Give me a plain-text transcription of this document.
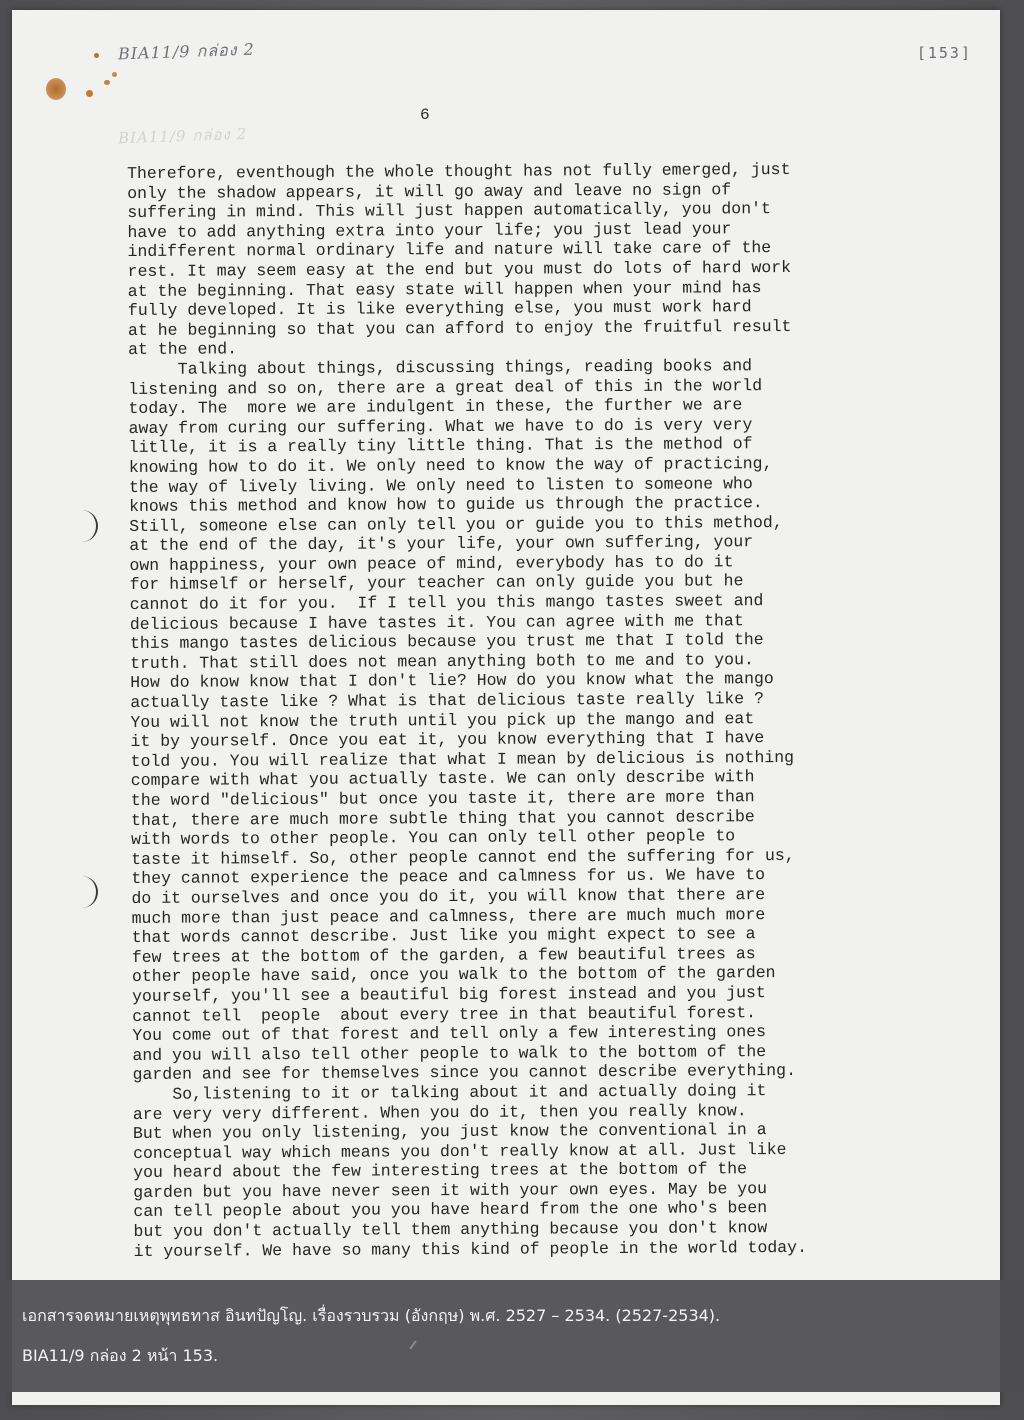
BIA11/9 กล่อง 2
BIA11/9 กล่อง 2
[153]
6
Therefore, eventhough the whole thought has not fully emerged, just
only the shadow appears, it will go away and leave no sign of
suffering in mind. This will just happen automatically, you don't
have to add anything extra into your life; you just lead your
indifferent normal ordinary life and nature will take care of the
rest. It may seem easy at the end but you must do lots of hard work
at the beginning. That easy state will happen when your mind has
fully developed. It is like everything else, you must work hard
at he beginning so that you can afford to enjoy the fruitful result
at the end.
Talking about things, discussing things, reading books and
listening and so on, there are a great deal of this in the world
today. The  more we are indulgent in these, the further we are
away from curing our suffering. What we have to do is very very
litlle, it is a really tiny little thing. That is the method of
knowing how to do it. We only need to know the way of practicing,
the way of lively living. We only need to listen to someone who
knows this method and know how to guide us through the practice.
Still, someone else can only tell you or guide you to this method,
at the end of the day, it's your life, your own suffering, your
own happiness, your own peace of mind, everybody has to do it
for himself or herself, your teacher can only guide you but he
cannot do it for you.  If I tell you this mango tastes sweet and
delicious because I have tastes it. You can agree with me that
this mango tastes delicious because you trust me that I told the
truth. That still does not mean anything both to me and to you.
How do know know that I don't lie? How do you know what the mango
actually taste like ? What is that delicious taste really like ?
You will not know the truth until you pick up the mango and eat
it by yourself. Once you eat it, you know everything that I have
told you. You will realize that what I mean by delicious is nothing
compare with what you actually taste. We can only describe with
the word "delicious" but once you taste it, there are more than
that, there are much more subtle thing that you cannot describe
with words to other people. You can only tell other people to
taste it himself. So, other people cannot end the suffering for us,
they cannot experience the peace and calmness for us. We have to
do it ourselves and once you do it, you will know that there are
much more than just peace and calmness, there are much much more
that words cannot describe. Just like you might expect to see a
few trees at the bottom of the garden, a few beautiful trees as
other people have said, once you walk to the bottom of the garden
yourself, you'll see a beautiful big forest instead and you just
cannot tell  people  about every tree in that beautiful forest.
You come out of that forest and tell only a few interesting ones
and you will also tell other people to walk to the bottom of the
garden and see for themselves since you cannot describe everything.
So,listening to it or talking about it and actually doing it
are very very different. When you do it, then you really know.
But when you only listening, you just know the conventional in a
conceptual way which means you don't really know at all. Just like
you heard about the few interesting trees at the bottom of the
garden but you have never seen it with your own eyes. May be you
can tell people about you you have heard from the one who's been
but you don't actually tell them anything because you don't know
it yourself. We have so many this kind of people in the world today.
เอกสารจดหมายเหตุพุทธทาส อินทปัญโญ. เรื่องรวบรวม (อังกฤษ) พ.ศ. 2527 – 2534. (2527-2534).
BIA11/9 กล่อง 2 หน้า 153.
